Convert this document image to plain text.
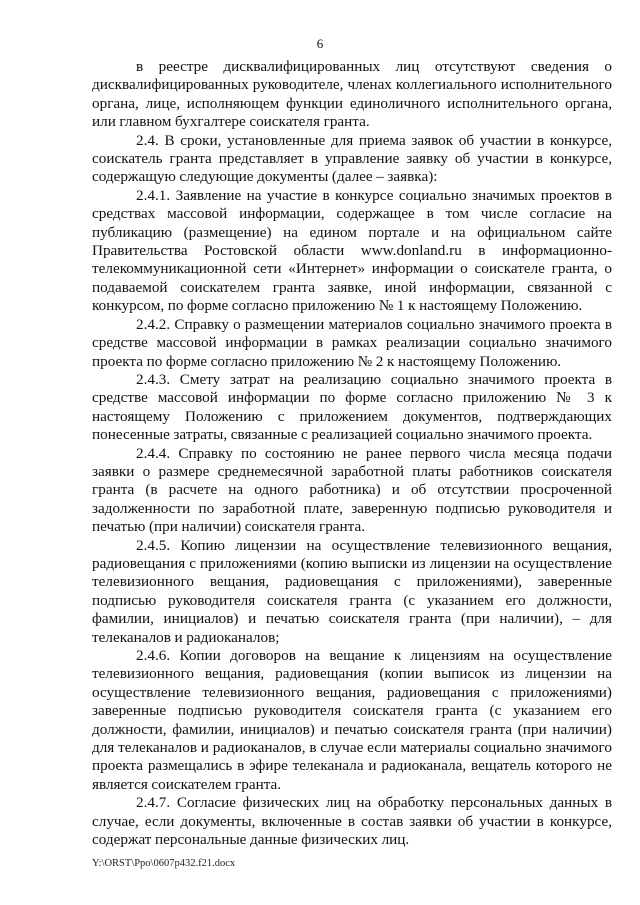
6

в реестре дисквалифицированных лиц отсутствуют сведения о дисквалифицированных руководителе, членах коллегиального исполнительного органа, лице, исполняющем функции единоличного исполнительного органа, или главном бухгалтере соискателя гранта.

2.4. В сроки, установленные для приема заявок об участии в конкурсе, соискатель гранта представляет в управление заявку об участии в конкурсе, содержащую следующие документы (далее – заявка):

2.4.1. Заявление на участие в конкурсе социально значимых проектов в средствах массовой информации, содержащее в том числе согласие на публикацию (размещение) на едином портале и на официальном сайте Правительства Ростовской области www.donland.ru в информационно-телекоммуникационной сети «Интернет» информации о соискателе гранта, о подаваемой соискателем гранта заявке, иной информации, связанной с конкурсом, по форме согласно приложению № 1 к настоящему Положению.

2.4.2. Справку о размещении материалов социально значимого проекта в средстве массовой информации в рамках реализации социально значимого проекта по форме согласно приложению № 2 к настоящему Положению.

2.4.3. Смету затрат на реализацию социально значимого проекта в средстве массовой информации по форме согласно приложению № 3 к настоящему Положению с приложением документов, подтверждающих понесенные затраты, связанные с реализацией социально значимого проекта.

2.4.4. Справку по состоянию не ранее первого числа месяца подачи заявки о размере среднемесячной заработной платы работников соискателя гранта (в расчете на одного работника) и об отсутствии просроченной задолженности по заработной плате, заверенную подписью руководителя и печатью (при наличии) соискателя гранта.

2.4.5. Копию лицензии на осуществление телевизионного вещания, радиовещания с приложениями (копию выписки из лицензии на осуществление телевизионного вещания, радиовещания с приложениями), заверенные подписью руководителя соискателя гранта (с указанием его должности, фамилии, инициалов) и печатью соискателя гранта (при наличии), – для телеканалов и радиоканалов;

2.4.6. Копии договоров на вещание к лицензиям на осуществление телевизионного вещания, радиовещания (копии выписок из лицензии на осуществление телевизионного вещания, радиовещания с приложениями) заверенные подписью руководителя соискателя гранта (с указанием его должности, фамилии, инициалов) и печатью соискателя гранта (при наличии) для телеканалов и радиоканалов, в случае если материалы социально значимого проекта размещались в эфире телеканала и радиоканала, вещатель которого не является соискателем гранта.

2.4.7. Согласие физических лиц на обработку персональных данных в случае, если документы, включенные в состав заявки об участии в конкурсе, содержат персональные данные физических лиц.

Y:\ORST\Ppo\0607p432.f21.docx
